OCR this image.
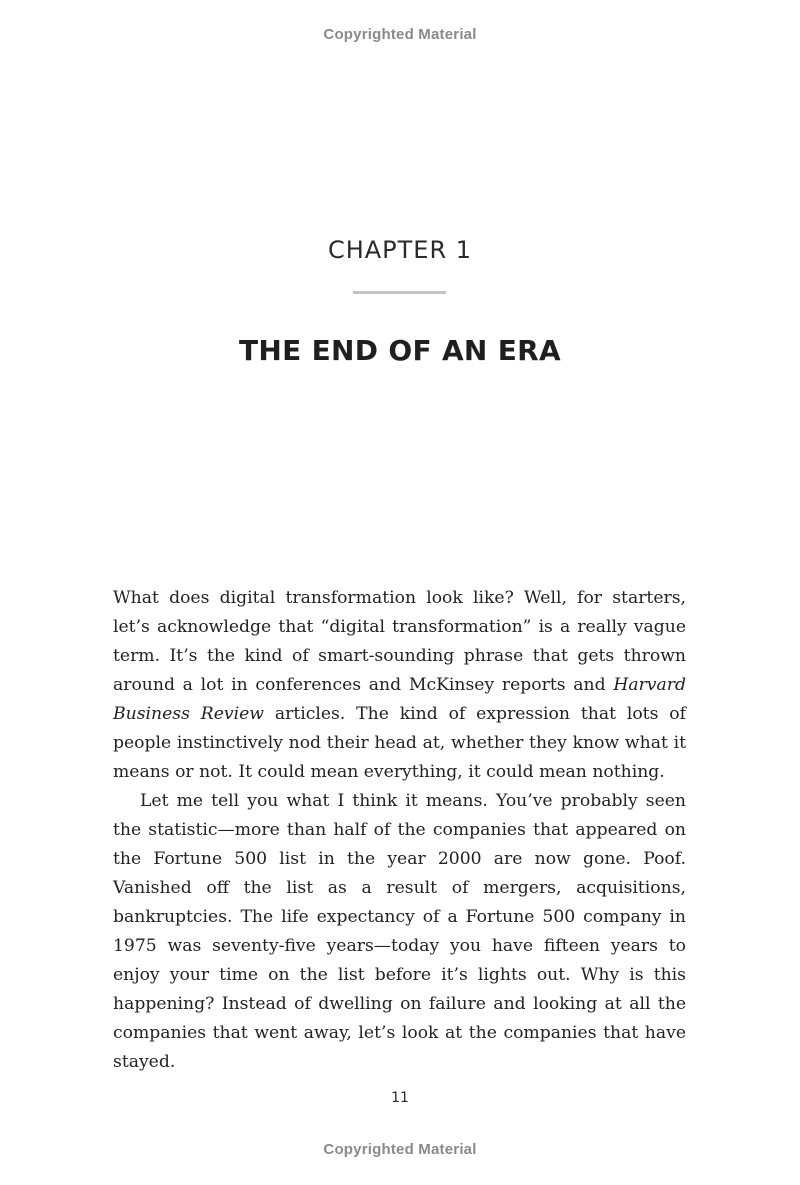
Copyrighted Material
CHAPTER 1
THE END OF AN ERA

What does digital transformation look like? Well, for starters, let’s acknowledge that “digital transformation” is a really vague term. It’s the kind of smart-sounding phrase that gets thrown around a lot in conferences and McKinsey reports and Harvard Business Review articles. The kind of expression that lots of people instinctively nod their head at, whether they know what it means or not. It could mean everything, it could mean nothing.

Let me tell you what I think it means. You’ve probably seen the statistic—more than half of the companies that appeared on the Fortune 500 list in the year 2000 are now gone. Poof. Vanished off the list as a result of mergers, acquisitions, bankruptcies. The life expectancy of a Fortune 500 company in 1975 was seventy-five years—today you have fifteen years to enjoy your time on the list before it’s lights out. Why is this happening? Instead of dwelling on failure and looking at all the companies that went away, let’s look at the companies that have stayed.

11
Copyrighted Material
